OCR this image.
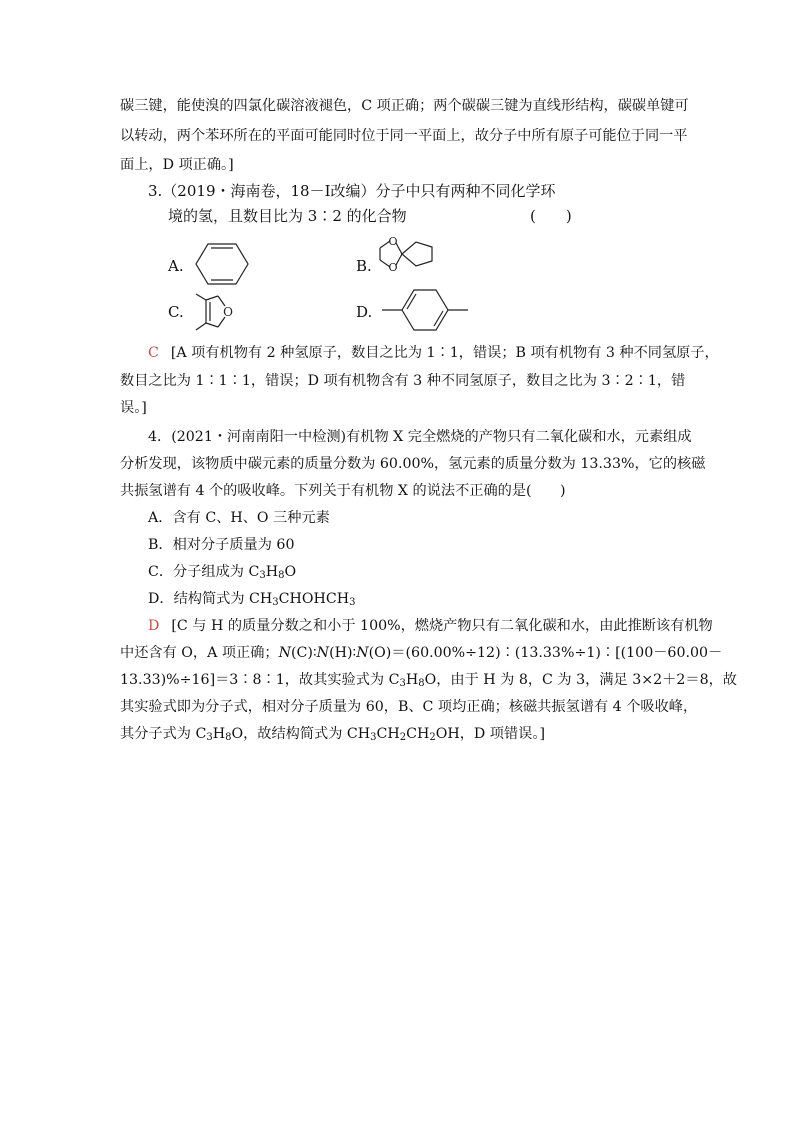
碳三键，能使溴的四氯化碳溶液褪色，C 项正确；两个碳碳三键为直线形结构，碳碳单键可
以转动，两个苯环所在的平面可能同时位于同一平面上，故分子中所有原子可能位于同一平
面上，D 项正确。]
3.（2019・海南卷，18－Ⅰ改编）分子中只有两种不同化学环
境的氢，且数目比为 3∶2 的化合物	(　　)
A.	B.
O
O
C.	O	D.
C [A 项有机物有 2 种氢原子，数目之比为 1∶1，错误；B 项有机物有 3 种不同氢原子，
数目之比为 1∶1∶1，错误；D 项有机物含有 3 种不同氢原子，数目之比为 3∶2∶1，错
误。]
4．(2021・河南南阳一中检测)有机物 X 完全燃烧的产物只有二氧化碳和水，元素组成
分析发现，该物质中碳元素的质量分数为 60.00%，氢元素的质量分数为 13.33%，它的核磁
共振氢谱有 4 个的吸收峰。下列关于有机物 X 的说法不正确的是(　　)
A．含有 C、H、O 三种元素
B．相对分子质量为 60
C．分子组成为 $C_3H_8O$
D．结构简式为 $CH_3CHOHCH_3$
D [C 与 H 的质量分数之和小于 100%，燃烧产物只有二氧化碳和水，由此推断该有机物
中还含有 O，A 项正确；N(C)∶N(H)∶N(O)＝(60.00%÷12)∶(13.33%÷1)∶[(100－60.00－
13.33)%÷16]＝3∶8∶1，故其实验式为 $C_3H_8O$，由于 H 为 8，C 为 3，满足 3×2＋2＝8，故
其实验式即为分子式，相对分子质量为 60，B、C 项均正确；核磁共振氢谱有 4 个吸收峰，
其分子式为 $C_3H_8O$，故结构简式为 $CH_3CH_2CH_2OH$，D 项错误。]
